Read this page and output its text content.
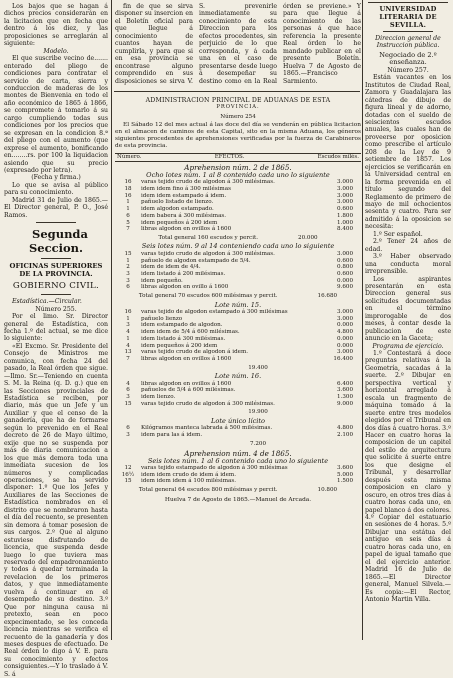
Los bajos que se hagan á dichos precios considerarán en la licitacion que en fecha que dentro á los diez, y las proposiciones se arreglarán al siguiente:

Modelo.

El que suscribe vecino de....... enterado del pliego de condiciones para contratar el servicio de carta, sierra y conduccion de maderas de los montes de Bienvenia en todo el año económico de 1865 á 1866, se compromete á tomarlo á su cargo cumpliendo todas sus condiciones por los precios que se expresan en la condicion 8.ª del pliego con el aumento (que exprese el aumento, bonificando en........rs. por 100 la liquidacion asiendo que su precio (expresado por letra).

(Fecha y firma.)

Lo que se avisa al público para su conocimiento.

Madrid 31 de Julio de 1865.— El Director general, P. O., José Ramos.

Segunda Seccion.

OFICINAS SUPERIORES DE LA PROVINCIA.

GOBIERNO CIVIL.

Estadística.—Circular.

Número 255.

Por el limo. Sr. Director general de Estadística, con fecha 1.º del actual, se me dice lo siguiente:

«El Excmo. Sr. Presidente del Consejo de Ministros me comunica, con fecha 24 del pasado, la Real órden que sigue.—Ilmo. Sr.—Teniendo en cuenta S. M. la Reina (q. D. g.) que en las Secciones provinciales de Estadística se reciben, por diario, más que un Jefe y un Auxiliar y que el censo de la ganadería, que ha de formarse según lo prevenido en el Real decreto de 26 de Mayo último, exije que no se suspenda por más de diaria comunicacion a los que más demora toda una inmediata sucesion de los números y complicadas operaciones, se ha servido disponer: 1.º Que los Jefes y Auxiliares de las Secciones de Estadística nombrados en el distrito que se nombraron hasta el día del recuento, se presenten sin demora á tomar posesion de sus cargos. 2.º Que al alguno estuviese disfrutando de licencia, que suspenda desde luego lo que tuviera mas reservado del empadronamiento y todos á quedar terminada la revelacion de los primeros datos, y que inmediatamente vuelva á continuar en el desempeño de su destino. 3.º Que por ninguna causa ni pretexto, sean en poco expecimentado, se les conceda licencia mientras se verifica el recuento de la ganadería y dos meses despues de efectuado. De Real órden lo digo á V. E. para su conocimiento y efectos consiguientes.—Y lo traslado á V. S. á

fin de que se sirva disponer su insercion en el Boletín oficial para que llegue á conocimiento de cuantos hayan de cumplirla, y para que si en esa provincia se encontrase alguno comprendido en sus disposiciones se sirva V. S. prevenirle inmediatamente su conocimiento de esta Direccion para los efectos procedentes, sin perjuicio de lo que corresponda, y á cada una en el caso de presentarse desde luego á desempeñar su destino como en la Real órden se previene.» Y para que llegue á conocimiento de las personas á que hace referencia la presente Real órden lo he mandado publicar en el presente Boletín. Huelva 7 de Agosto de 1865.—Francisco Sarmiento.

ADMINISTRACION PRINCIPAL DE ADUANAS DE ESTA
PROVINCIA.
Número 254
El Sábado 12 del mes actual á las doce del día se venderán en pública licitacion en el almacen de caminos de esta Capital, sito en la misma Aduana, los géneros siguientes procedentes de aprehensiones verificadas por la fuerza de Carabineros de esta provincia.
Número.	EFECTOS.	Escudos milés.
Aprehension núm. 2 de 1865.
Ocho lotes núm. 1 al 8 contenido cada uno lo siguiente
16	varas tejido crudo de algodon á 300 milésimas.	3.000
18	idem idem fino á 300 milésimas	3.000
16	idem idem estampado á idem.	3.000
1	pañuelo listado de lienzo.	3.000
1	idem algodon estampado.	0.600
6	idem babera á 300 milésimas.	1.800
5	idem pequeños á 200 idem	1.000
7	libras algodon en ovillos á 1600	8.400
Total general 160 escudos y percit.	20.000
Seis lotes núm. 9 al 14 conteniendo cada uno lo siguiente
15	varas tejido crudo de algodon á 300 milésimas.	3.000
1	pañuelo de algodon estampado de 5/4.	0.600
2	idem de idem de 4/4.	0.800
3	idem listado á 200 milésimas.	0.600
3	idem pequeño.	0.000
6	libras algodon en ovillo á 1600	9.600
Total general 70 escudos 600 milésimas y percit.	16.680
Lote núm. 15.
16	varas tejido de algodon estampado á 300 milésimas	3.000
1	pañuelo lienzo	3.000
3	idem estampado de algodon.	0.000
4	idem idem de 5/4 á 600 milésimas.	4.800
1	idem listado á 300 milésimas.	0.000
4	idem pequeños á 200 idem	0.000
13	varas tejido crudo de algodon á idem.	3.000
7	libras algodon en ovillos á 1600	16.400
19.400
Lote núm. 16.
4	libras algodon en ovillos á 1600	6.400
6	pañuelos de 5/4 á 600 milésimas.	3.600
3	idem lienzo.	1.300
15	varas tejido crudo de algodon á 300 milésimas.	9.000
19.900
Lote único lícito
6	Kilógramos manteca labrada á 500 milésimas.	4.800
3	idem para las á idem.	2.100
7.200
Aprehension núm. 4 de 1865.
Seis lotes núm. 1 al 6 contenido cada uno lo siguiente
12	varas tejido estampado de algodon á 300 milésimas	3.600
16½	idem idem crudo de idem á idem.	5.000
15	idem idem idem á 100 milésimas.	1.500
Total general 64 escudos 800 milésimas y percit.	10.800
Huelva 7 de Agosto de 1865.—Manuel de Arcada.

UNIVERSIDAD LITERARIA DE SEVILLA.

Direccion general de Instruccion pública.

Negociado de 2.º enseñanza.

Número 257.

Están vacantes en los Institutos de Ciudad Real, Zamora y Guadalajara las cátedras de dibujo de figura lineal y de adorno, dotadas con el sueldo de seiscientos escudos anuales, las cuales han de proveerse por oposicion como prescribe el artículo 208 de la Ley de 9 setiembre de 1857. Los ejercicios se verificarán en la Universidad central en la forma prevenida en el título segundo del Reglamento de primero de mayo de mil ochocientos sesenta y cuatro. Para ser admitido á la oposicion se necesita:

1.º Ser español.

2.º Tener 24 años de edad.

3.º Haber observado una conducta moral irreprensible.

Los aspirantes presentarán en esta Direccion general sus solicitudes documentadas en el término improrogable de dos meses, á contar desde la publicacion de este anuncio en la Gaceta;

Programa de ejercicio.

1.º Contestará á doce preguntas relativas á la Geometría, sacadas á la suerte. 2.º Dibujar en perspectiva vertical y horizontal arreglado á escala un fragmento de máquina tomado á la suerte entre tres modelos elegidos por el Tribunal en dos días á cuatro horas. 3.º Hacer en cuatro horas la composicion de un capitel del estilo de arquitectura que solicite á suerte entre los que designe el Tribunal, y desarrollar después esta misma composicion en claro y oscuro, en otros tres días á cuatro horas cada uno, en papel blanco á dos colores. 4.º Copiar del estatuario en sesiones de 4 horas. 5.º Dibujar una estátua del antiguo en seis días á cuatro horas cada uno, en papel de igual tamaño que el del ejercicio anterior. Madrid 16 de Julio de 1865.—El Director general, Manuel Silvela.—Es copia:—El Rector, Antonio Martin Villa.
